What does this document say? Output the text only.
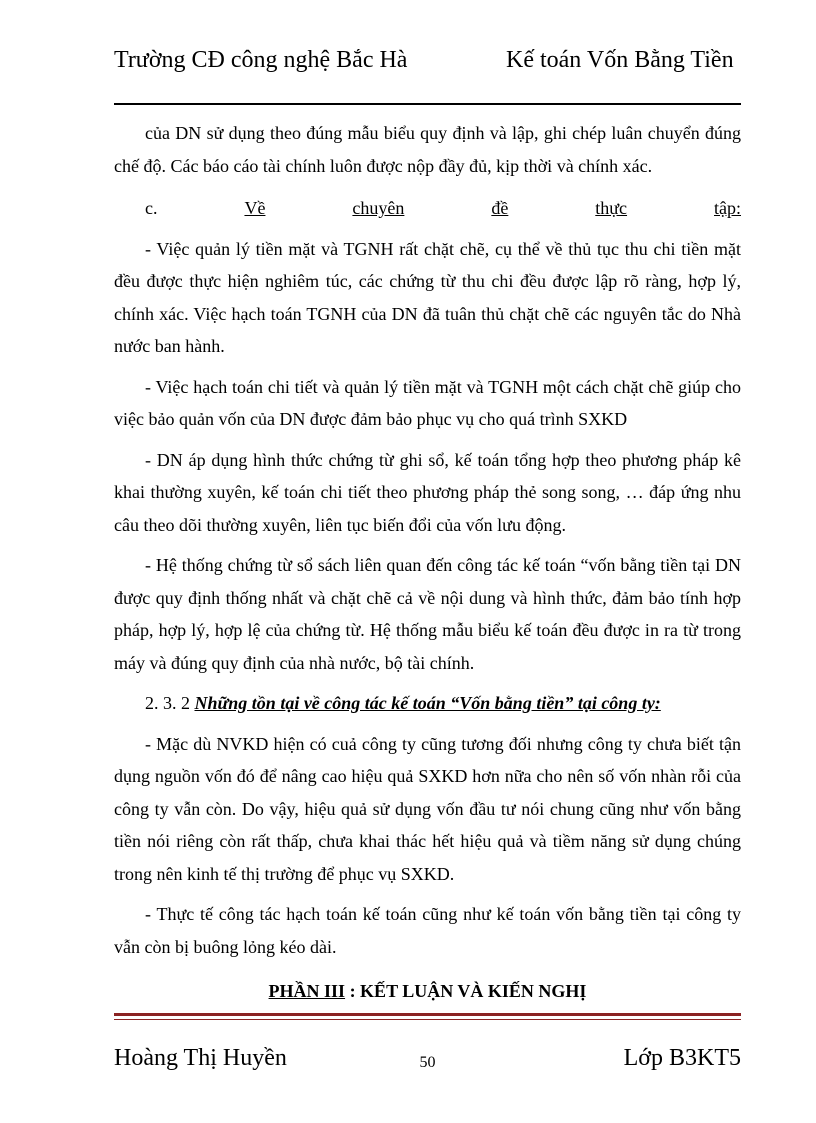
Trường CĐ công nghệ Bắc Hà	Kế toán Vốn Bằng Tiền

của DN sử dụng theo đúng mẫu biểu quy định và lập, ghi chép luân chuyển đúng chế độ. Các báo cáo tài chính luôn được nộp đầy đủ, kịp thời và chính xác.

c.	Về	chuyên	đề	thực	tập:

- Việc quản lý tiền mặt và TGNH rất chặt chẽ, cụ thể về thủ tục thu chi tiền mặt đều được thực hiện nghiêm túc, các chứng từ thu chi đều được lập rõ ràng, hợp lý, chính xác. Việc hạch toán TGNH của DN đã tuân thủ chặt chẽ các nguyên tắc do Nhà nước ban hành.

- Việc hạch toán chi tiết và quản lý tiền mặt và TGNH một cách chặt chẽ giúp cho việc bảo quản vốn của DN được đảm bảo phục vụ cho quá trình SXKD

- DN áp dụng hình thức chứng từ ghi sổ, kế toán tổng hợp theo phương pháp kê khai thường xuyên, kế toán chi tiết theo phương pháp thẻ song song, … đáp ứng nhu câu theo dõi thường xuyên, liên tục biến đổi của vốn lưu động.

- Hệ thống chứng từ sổ sách liên quan đến công tác kế toán “vốn bằng tiền tại DN được quy định thống nhất và chặt chẽ cả về nội dung và hình thức, đảm bảo tính hợp pháp, hợp lý, hợp lệ của chứng từ. Hệ thống mẫu biểu kế toán đều được in ra từ trong máy và đúng quy định của nhà nước, bộ tài chính.

2. 3. 2 Những tồn tại về công tác kế toán “Vốn bằng tiền” tại công ty:

- Mặc dù NVKD hiện có cuả công ty cũng tương đối nhưng công ty chưa biết tận dụng nguồn vốn đó để nâng cao hiệu quả SXKD hơn nữa cho nên số vốn nhàn rỗi của công ty vẫn còn. Do vậy, hiệu quả sử dụng vốn đầu tư nói chung cũng như vốn bằng tiền nói riêng còn rất thấp, chưa khai thác hết hiệu quả và tiềm năng sử dụng chúng trong nên kinh tế thị trường để phục vụ SXKD.

- Thực tế công tác hạch toán kế toán cũng như kế toán vốn bằng tiền tại công ty vẫn còn bị buông lỏng kéo dài.

PHẦN III : KẾT LUẬN VÀ KIẾN NGHỊ

Hoàng Thị Huyền	50	Lớp B3KT5
